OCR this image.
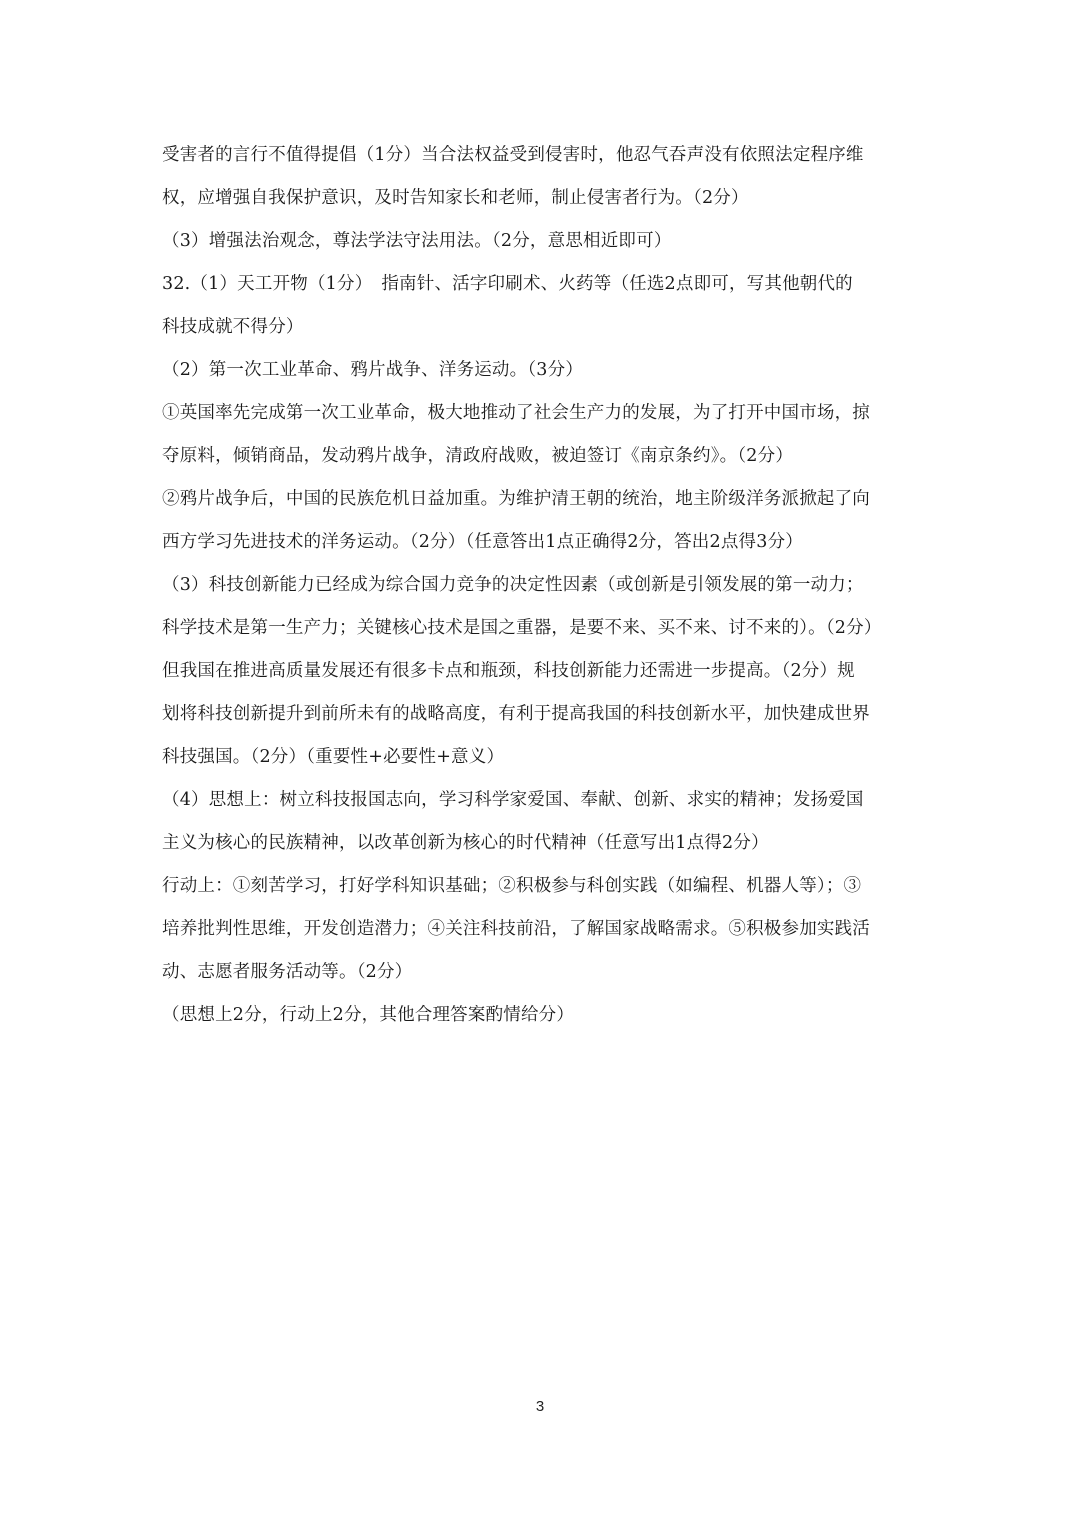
受害者的言行不值得提倡（1分）当合法权益受到侵害时，他忍气吞声没有依照法定程序维
权，应增强自我保护意识，及时告知家长和老师，制止侵害者行为。（2分）
（3）增强法治观念，尊法学法守法用法。（2分，意思相近即可）
32.（1）天工开物（1分）　指南针、活字印刷术、火药等（任选2点即可，写其他朝代的
科技成就不得分）
（2）第一次工业革命、鸦片战争、洋务运动。（3分）
①英国率先完成第一次工业革命，极大地推动了社会生产力的发展，为了打开中国市场，掠
夺原料，倾销商品，发动鸦片战争，清政府战败，被迫签订《南京条约》。（2分）
②鸦片战争后，中国的民族危机日益加重。为维护清王朝的统治，地主阶级洋务派掀起了向
西方学习先进技术的洋务运动。（2分）（任意答出1点正确得2分，答出2点得3分）
（3）科技创新能力已经成为综合国力竞争的决定性因素（或创新是引领发展的第一动力；
科学技术是第一生产力；关键核心技术是国之重器，是要不来、买不来、讨不来的）。（2分）
但我国在推进高质量发展还有很多卡点和瓶颈，科技创新能力还需进一步提高。（2分）规
划将科技创新提升到前所未有的战略高度，有利于提高我国的科技创新水平，加快建成世界
科技强国。（2分）（重要性+必要性+意义）
（4）思想上：树立科技报国志向，学习科学家爱国、奉献、创新、求实的精神；发扬爱国
主义为核心的民族精神，以改革创新为核心的时代精神（任意写出1点得2分）
行动上：①刻苦学习，打好学科知识基础；②积极参与科创实践（如编程、机器人等）；③
培养批判性思维，开发创造潜力；④关注科技前沿，了解国家战略需求。⑤积极参加实践活
动、志愿者服务活动等。（2分）
（思想上2分，行动上2分，其他合理答案酌情给分）
3
